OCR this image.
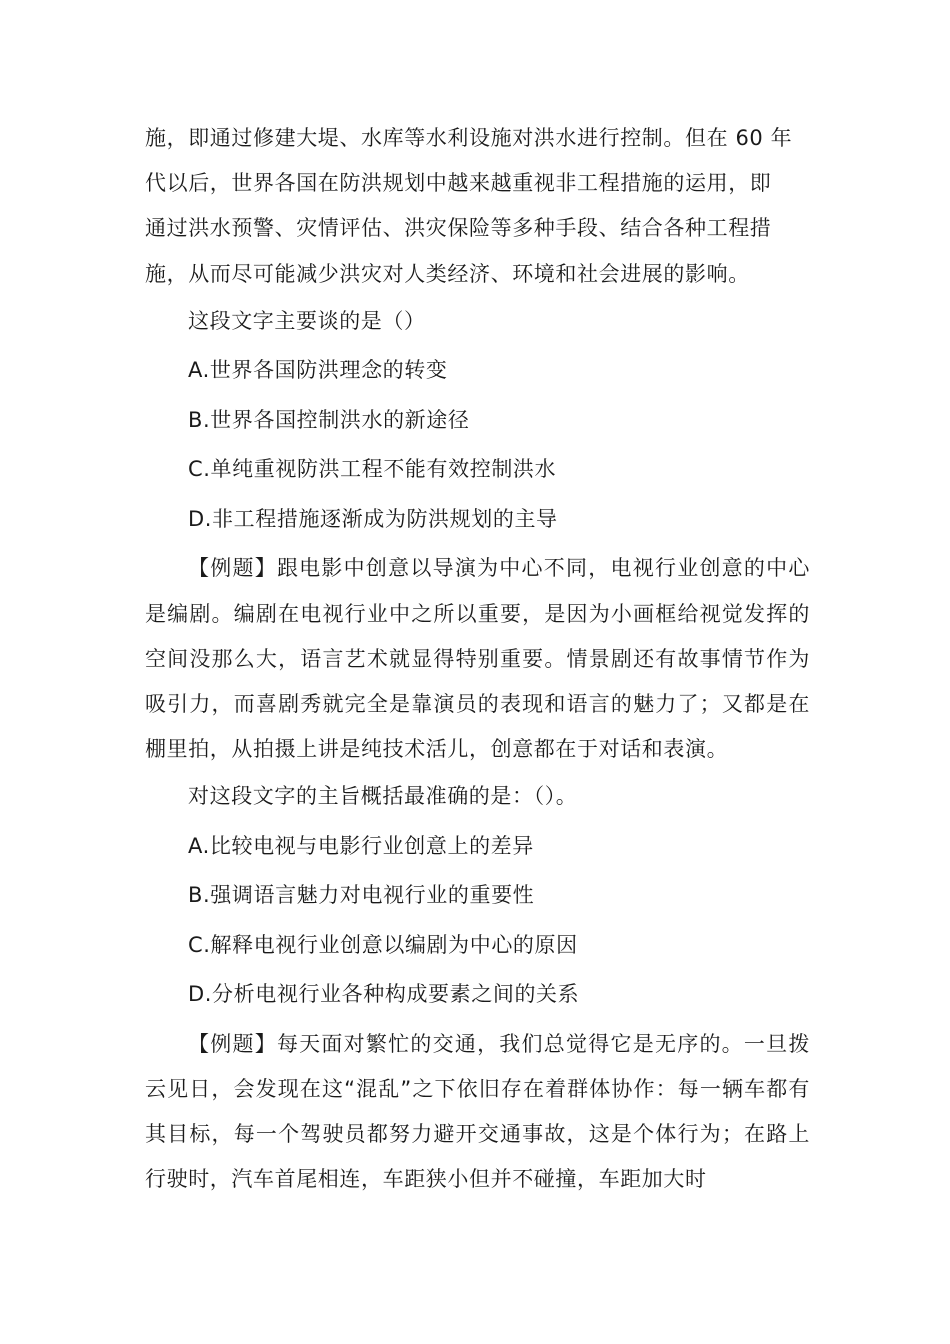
施，即通过修建大堤、水库等水利设施对洪水进行控制。但在 60 年

代以后，世界各国在防洪规划中越来越重视非工程措施的运用，即

通过洪水预警、灾情评估、洪灾保险等多种手段、结合各种工程措

施，从而尽可能减少洪灾对人类经济、环境和社会进展的影响。

这段文字主要谈的是（）

A.世界各国防洪理念的转变

B.世界各国控制洪水的新途径

C.单纯重视防洪工程不能有效控制洪水

D.非工程措施逐渐成为防洪规划的主导

【例题】跟电影中创意以导演为中心不同，电视行业创意的中心是编剧。编剧在电视行业中之所以重要，是因为小画框给视觉发挥的空间没那么大，语言艺术就显得特别重要。情景剧还有故事情节作为吸引力，而喜剧秀就完全是靠演员的表现和语言的魅力了；又都是在棚里拍，从拍摄上讲是纯技术活儿，创意都在于对话和表演。

对这段文字的主旨概括最准确的是：（）。

A.比较电视与电影行业创意上的差异

B.强调语言魅力对电视行业的重要性

C.解释电视行业创意以编剧为中心的原因

D.分析电视行业各种构成要素之间的关系

【例题】每天面对繁忙的交通，我们总觉得它是无序的。一旦拨云见日，会发现在这“混乱”之下依旧存在着群体协作：每一辆车都有其目标，每一个驾驶员都努力避开交通事故，这是个体行为；在路上行驶时，汽车首尾相连，车距狭小但并不碰撞，车距加大时
